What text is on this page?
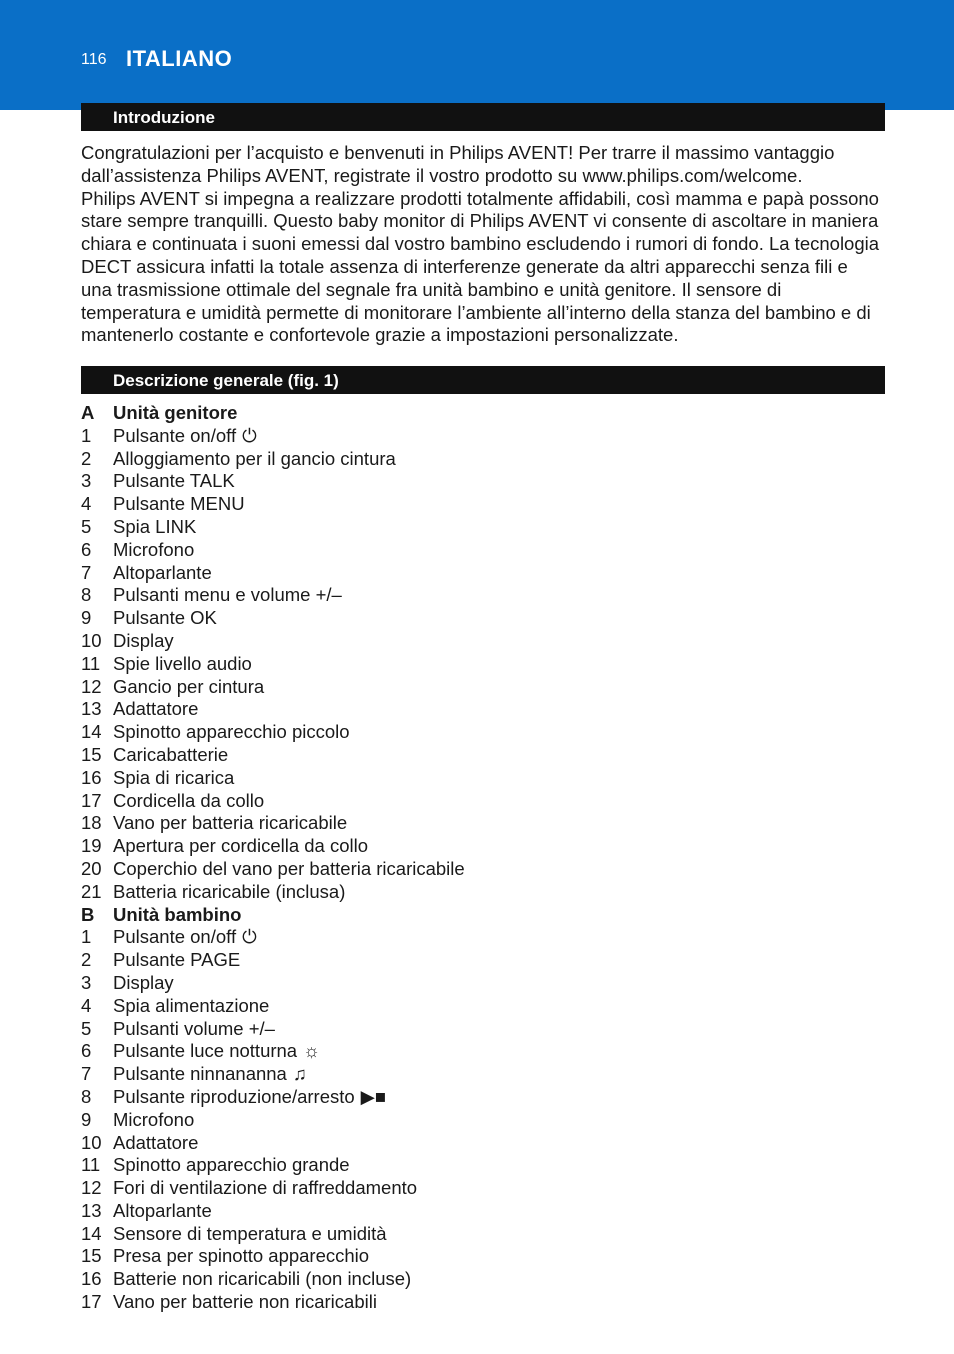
116 ITALIANO
Introduzione

Congratulazioni per l’acquisto e benvenuti in Philips AVENT! Per trarre il massimo vantaggio dall’assistenza Philips AVENT, registrate il vostro prodotto su www.philips.com/welcome.

Philips AVENT si impegna a realizzare prodotti totalmente affidabili, così mamma e papà possono stare sempre tranquilli. Questo baby monitor di Philips AVENT vi consente di ascoltare in maniera chiara e continuata i suoni emessi dal vostro bambino escludendo i rumori di fondo. La tecnologia DECT assicura infatti la totale assenza di interferenze generate da altri apparecchi senza fili e una trasmissione ottimale del segnale fra unità bambino e unità genitore. Il sensore di temperatura e umidità permette di monitorare l’ambiente all’interno della stanza del bambino e di mantenerlo costante e confortevole grazie a impostazioni personalizzate.

Descrizione generale (fig. 1)
A Unità genitore
1 Pulsante on/off ⏻
2 Alloggiamento per il gancio cintura
3 Pulsante TALK
4 Pulsante MENU
5 Spia LINK
6 Microfono
7 Altoparlante
8 Pulsanti menu e volume +/–
9 Pulsante OK
10 Display
11 Spie livello audio
12 Gancio per cintura
13 Adattatore
14 Spinotto apparecchio piccolo
15 Caricabatterie
16 Spia di ricarica
17 Cordicella da collo
18 Vano per batteria ricaricabile
19 Apertura per cordicella da collo
20 Coperchio del vano per batteria ricaricabile
21 Batteria ricaricabile (inclusa)
B Unità bambino
1 Pulsante on/off ⏻
2 Pulsante PAGE
3 Display
4 Spia alimentazione
5 Pulsanti volume +/–
6 Pulsante luce notturna ☼
7 Pulsante ninnananna ♫
8 Pulsante riproduzione/arresto ▶■
9 Microfono
10 Adattatore
11 Spinotto apparecchio grande
12 Fori di ventilazione di raffreddamento
13 Altoparlante
14 Sensore di temperatura e umidità
15 Presa per spinotto apparecchio
16 Batterie non ricaricabili (non incluse)
17 Vano per batterie non ricaricabili
